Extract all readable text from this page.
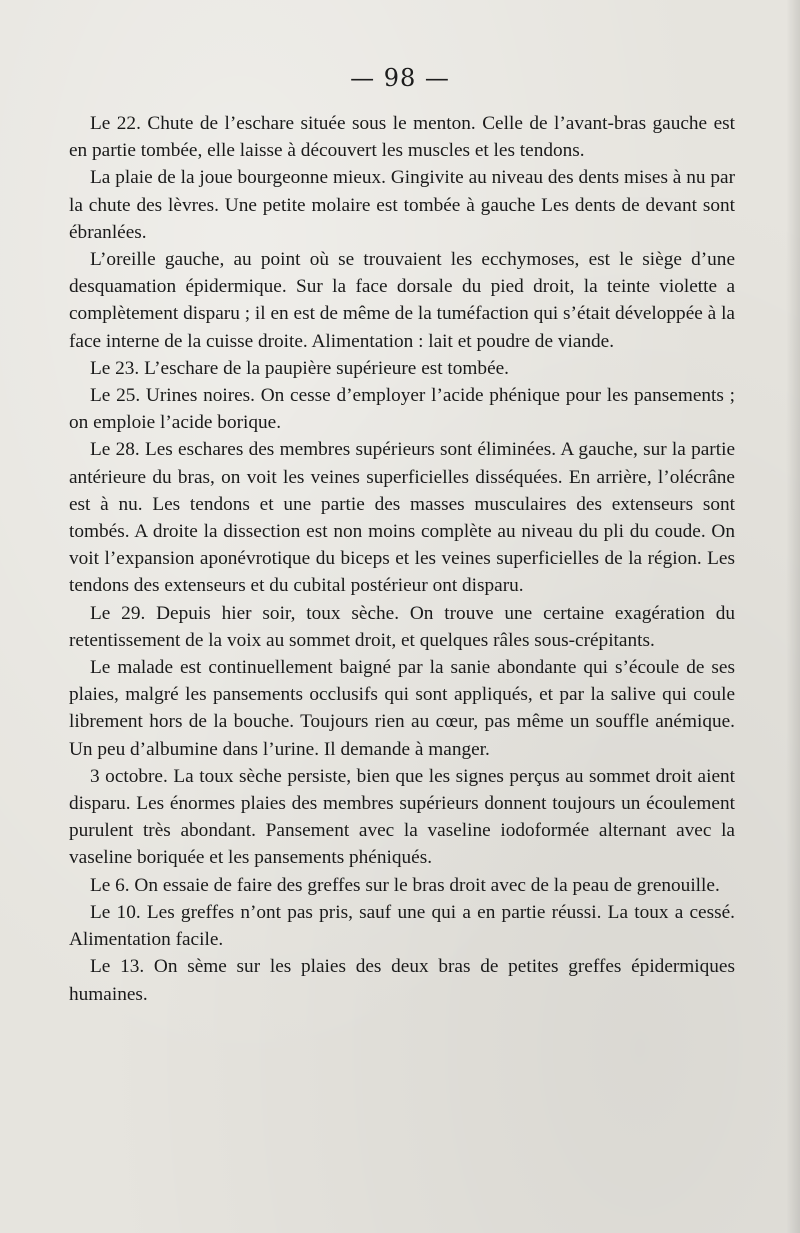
— 98 —

Le 22. Chute de l’eschare située sous le menton. Celle de l’avant-bras gauche est en partie tombée, elle laisse à découvert les muscles et les tendons.

La plaie de la joue bourgeonne mieux. Gingivite au niveau des dents mises à nu par la chute des lèvres. Une petite molaire est tombée à gauche Les dents de devant sont ébranlées.

L’oreille gauche, au point où se trouvaient les ecchymoses, est le siège d’une desquamation épidermique. Sur la face dorsale du pied droit, la teinte violette a complètement disparu ; il en est de même de la tuméfaction qui s’était développée à la face interne de la cuisse droite. Alimentation : lait et poudre de viande.

Le 23. L’eschare de la paupière supérieure est tombée.

Le 25. Urines noires. On cesse d’employer l’acide phénique pour les pansements ; on emploie l’acide borique.

Le 28. Les eschares des membres supérieurs sont éliminées. A gauche, sur la partie antérieure du bras, on voit les veines superficielles disséquées. En arrière, l’olécrâne est à nu. Les tendons et une partie des masses musculaires des extenseurs sont tombés. A droite la dissection est non moins complète au niveau du pli du coude. On voit l’expansion aponévrotique du biceps et les veines superficielles de la région. Les tendons des extenseurs et du cubital postérieur ont disparu.

Le 29. Depuis hier soir, toux sèche. On trouve une certaine exagération du retentissement de la voix au sommet droit, et quelques râles sous-crépitants.

Le malade est continuellement baigné par la sanie abondante qui s’écoule de ses plaies, malgré les pansements occlusifs qui sont appliqués, et par la salive qui coule librement hors de la bouche. Toujours rien au cœur, pas même un souffle anémique. Un peu d’albumine dans l’urine. Il demande à manger.

3 octobre. La toux sèche persiste, bien que les signes perçus au sommet droit aient disparu. Les énormes plaies des membres supérieurs donnent toujours un écoulement purulent très abondant. Pansement avec la vaseline iodoformée alternant avec la vaseline boriquée et les pansements phéniqués.

Le 6. On essaie de faire des greffes sur le bras droit avec de la peau de grenouille.

Le 10. Les greffes n’ont pas pris, sauf une qui a en partie réussi. La toux a cessé. Alimentation facile.

Le 13. On sème sur les plaies des deux bras de petites greffes épidermiques humaines.
